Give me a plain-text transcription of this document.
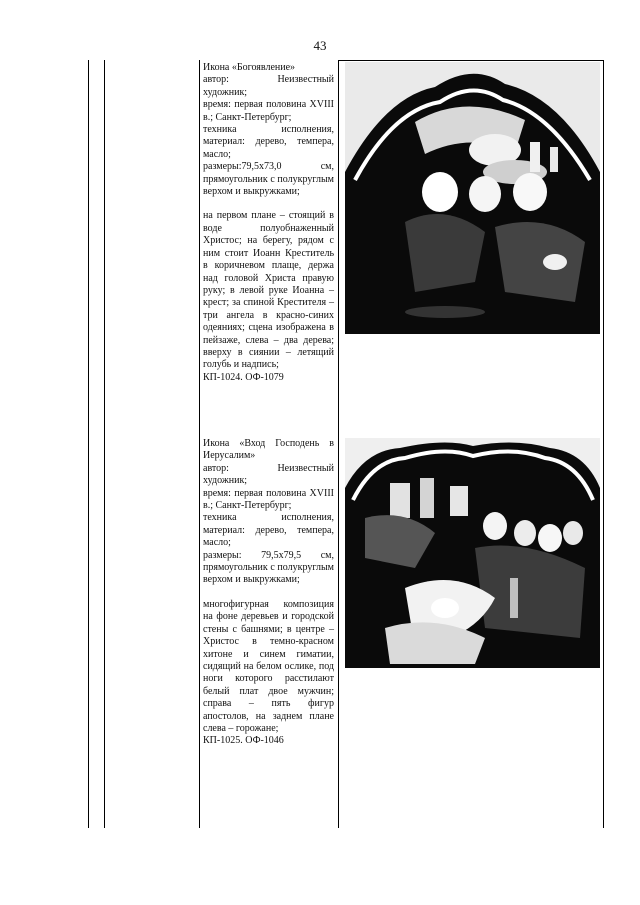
43

Икона «Богоявление»

автор: Неизвестный художник;

время: первая половина XVIII в.; Санкт-Петербург;

техника исполнения, материал: дерево, темпера, масло;

размеры:79,5x73,0 см, прямоугольник с полукруглым верхом и выкружками;

на первом плане – стоящий в воде полуобнаженный Христос; на берегу, рядом с ним стоит Иоанн Креститель в коричневом плаще, держа над головой Христа правую руку; в левой руке Иоанна – крест; за спиной Крестителя – три ангела в красно-синих одеяниях; сцена изображена в пейзаже, слева – два дерева; вверху в сиянии – летящий голубь и надпись;

КП-1024. ОФ-1079

Икона «Вход Господень в Иерусалим»

автор: Неизвестный художник;

время: первая половина XVIII в.; Санкт-Петербург;

техника исполнения, материал: дерево, темпера, масло;

размеры: 79,5x79,5 см, прямоугольник с полукруглым верхом и выкружками;

многофигурная композиция на фоне деревьев и городской стены с башнями; в центре – Христос в темно-красном хитоне и синем гиматии, сидящий на белом ослике, под ноги которого расстилают белый плат двое мужчин; справа – пять фигур апостолов, на заднем плане слева – горожане;

КП-1025. ОФ-1046
